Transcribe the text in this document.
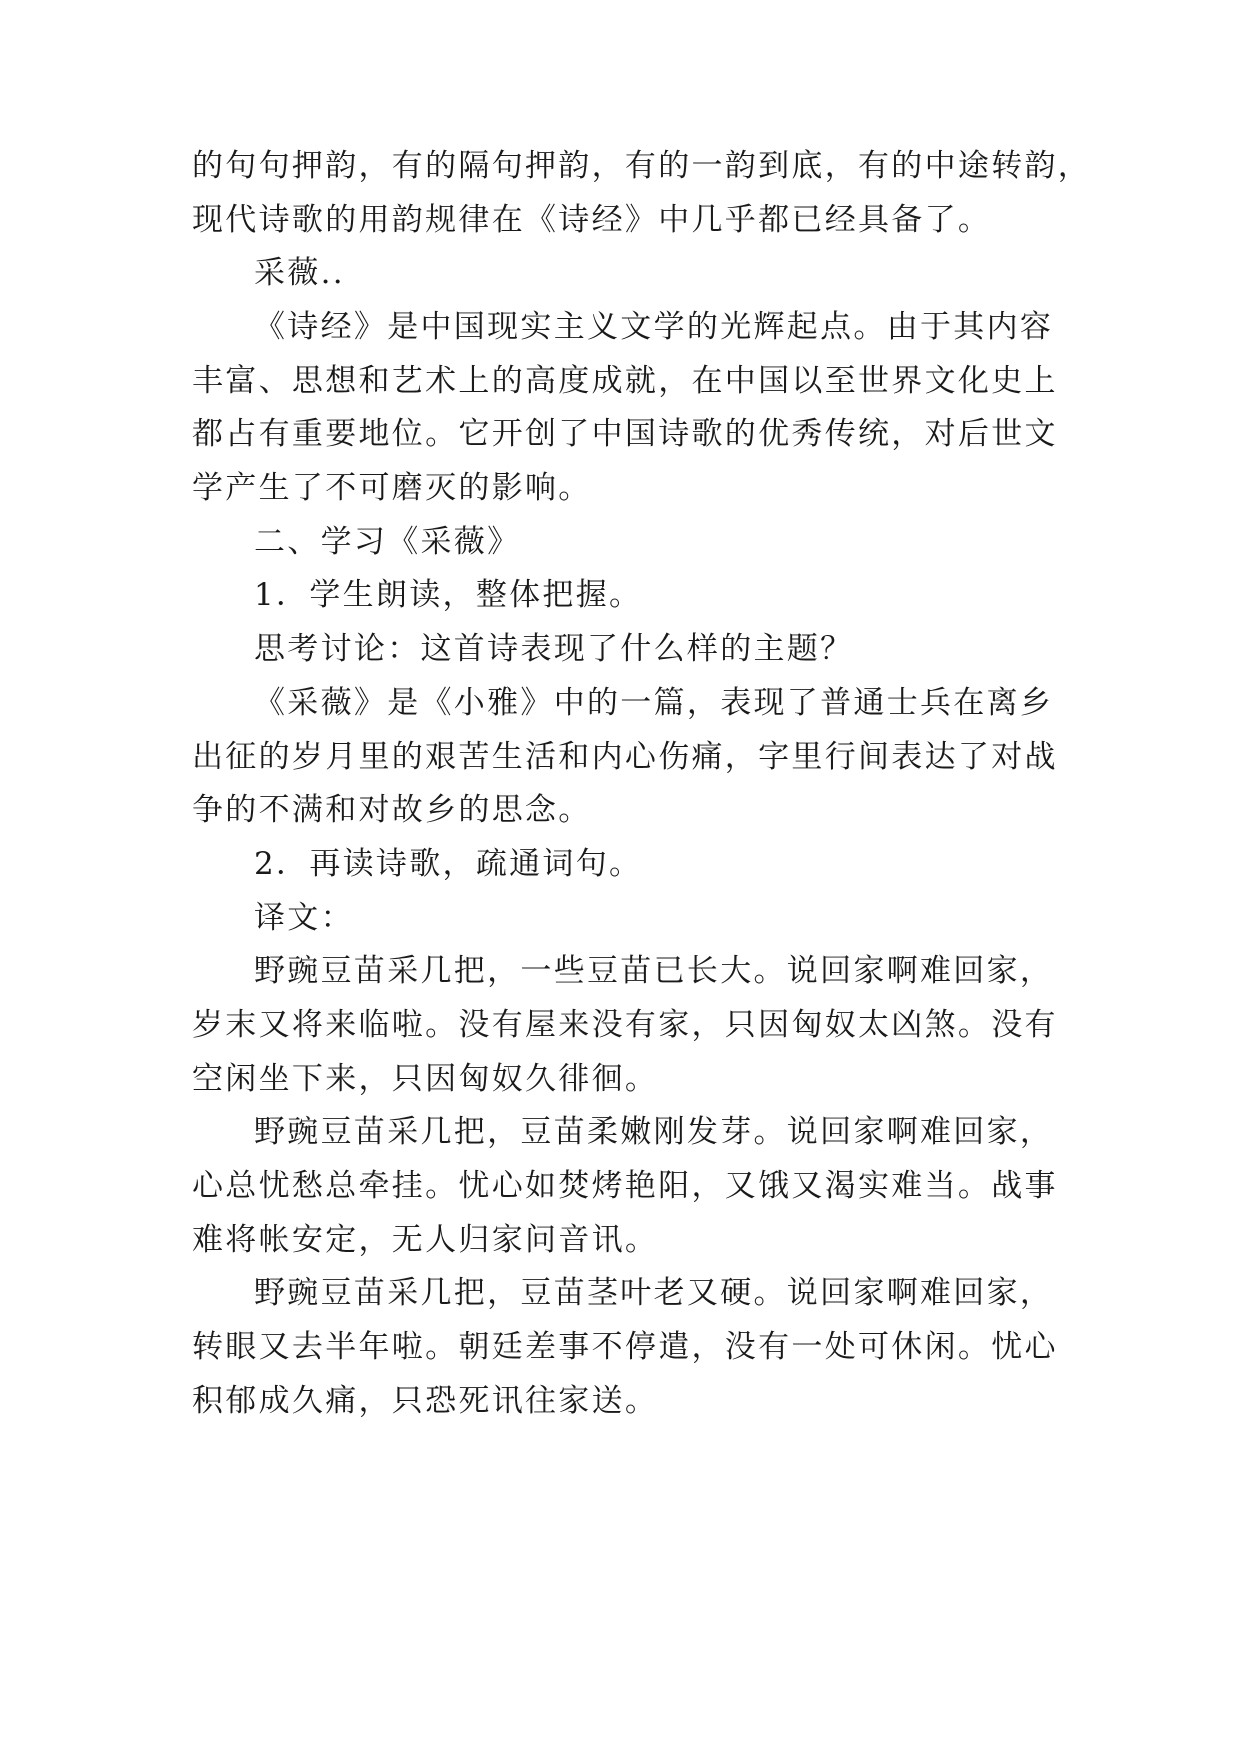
的句句押韵，有的隔句押韵，有的一韵到底，有的中途转韵，
现代诗歌的用韵规律在《诗经》中几乎都已经具备了。
采薇..
《诗经》是中国现实主义文学的光辉起点。由于其内容
丰富、思想和艺术上的高度成就，在中国以至世界文化史上
都占有重要地位。它开创了中国诗歌的优秀传统，对后世文
学产生了不可磨灭的影响。
二、学习《采薇》
1．学生朗读，整体把握。
思考讨论：这首诗表现了什么样的主题？
《采薇》是《小雅》中的一篇，表现了普通士兵在离乡
出征的岁月里的艰苦生活和内心伤痛，字里行间表达了对战
争的不满和对故乡的思念。
2．再读诗歌，疏通词句。
译文：
野豌豆苗采几把，一些豆苗已长大。说回家啊难回家，
岁末又将来临啦。没有屋来没有家，只因匈奴太凶煞。没有
空闲坐下来，只因匈奴久徘徊。
野豌豆苗采几把，豆苗柔嫩刚发芽。说回家啊难回家，
心总忧愁总牵挂。忧心如焚烤艳阳，又饿又渴实难当。战事
难将帐安定，无人归家问音讯。
野豌豆苗采几把，豆苗茎叶老又硬。说回家啊难回家，
转眼又去半年啦。朝廷差事不停遣，没有一处可休闲。忧心
积郁成久痛，只恐死讯往家送。
